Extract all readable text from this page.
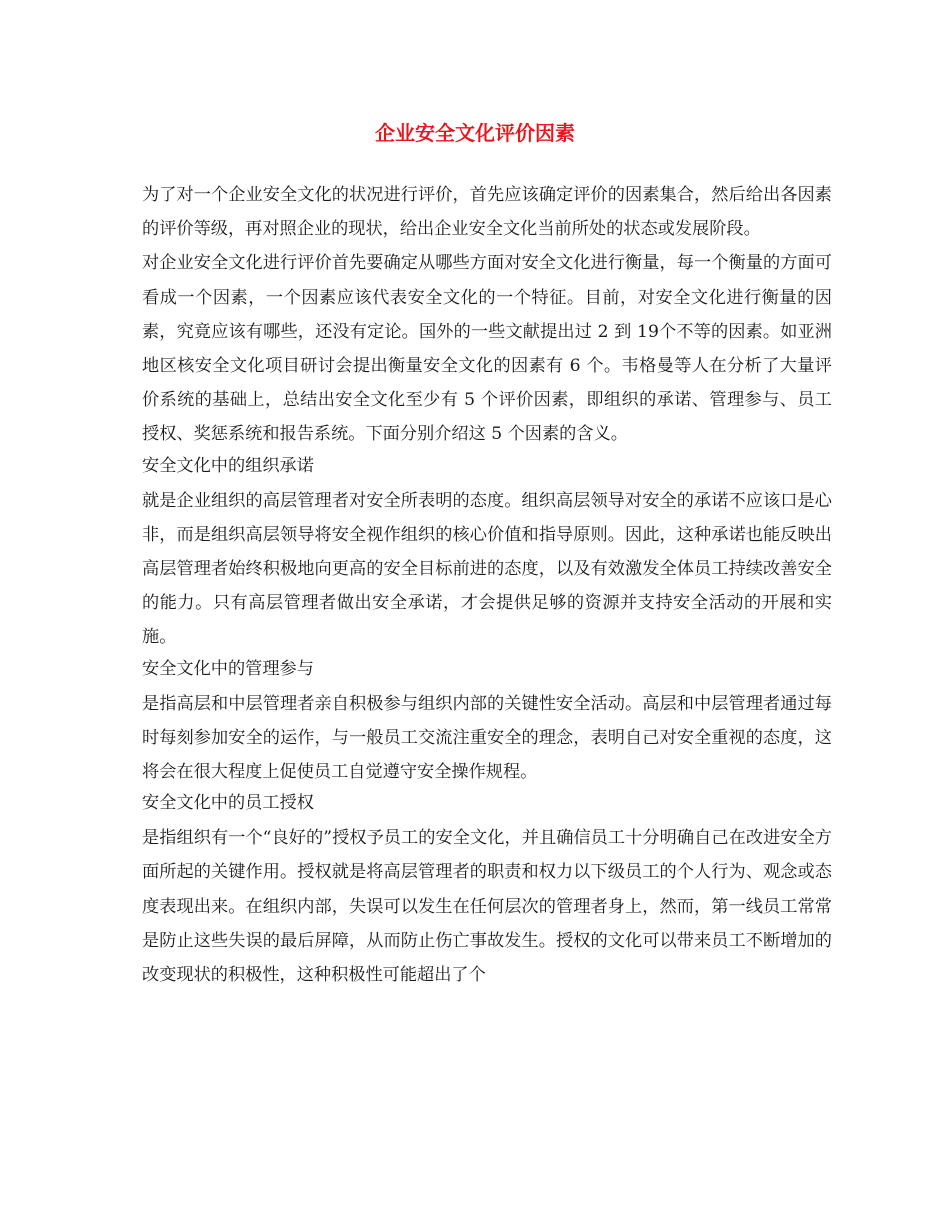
企业安全文化评价因素

为了对一个企业安全文化的状况进行评价，首先应该确定评价的因素集合，然后给出各因素的评价等级，再对照企业的现状，给出企业安全文化当前所处的状态或发展阶段。

对企业安全文化进行评价首先要确定从哪些方面对安全文化进行衡量，每一个衡量的方面可看成一个因素，一个因素应该代表安全文化的一个特征。目前，对安全文化进行衡量的因素，究竟应该有哪些，还没有定论。国外的一些文献提出过 2 到 19个不等的因素。如亚洲地区核安全文化项目研讨会提出衡量安全文化的因素有 6 个。韦格曼等人在分析了大量评价系统的基础上，总结出安全文化至少有 5 个评价因素，即组织的承诺、管理参与、员工授权、奖惩系统和报告系统。下面分别介绍这 5 个因素的含义。

安全文化中的组织承诺

就是企业组织的高层管理者对安全所表明的态度。组织高层领导对安全的承诺不应该口是心非，而是组织高层领导将安全视作组织的核心价值和指导原则。因此，这种承诺也能反映出高层管理者始终积极地向更高的安全目标前进的态度，以及有效激发全体员工持续改善安全的能力。只有高层管理者做出安全承诺，才会提供足够的资源并支持安全活动的开展和实施。

安全文化中的管理参与

是指高层和中层管理者亲自积极参与组织内部的关键性安全活动。高层和中层管理者通过每时每刻参加安全的运作，与一般员工交流注重安全的理念，表明自己对安全重视的态度，这将会在很大程度上促使员工自觉遵守安全操作规程。

安全文化中的员工授权

是指组织有一个“良好的”授权予员工的安全文化，并且确信员工十分明确自己在改进安全方面所起的关键作用。授权就是将高层管理者的职责和权力以下级员工的个人行为、观念或态度表现出来。在组织内部，失误可以发生在任何层次的管理者身上，然而，第一线员工常常是防止这些失误的最后屏障，从而防止伤亡事故发生。授权的文化可以带来员工不断增加的改变现状的积极性，这种积极性可能超出了个
